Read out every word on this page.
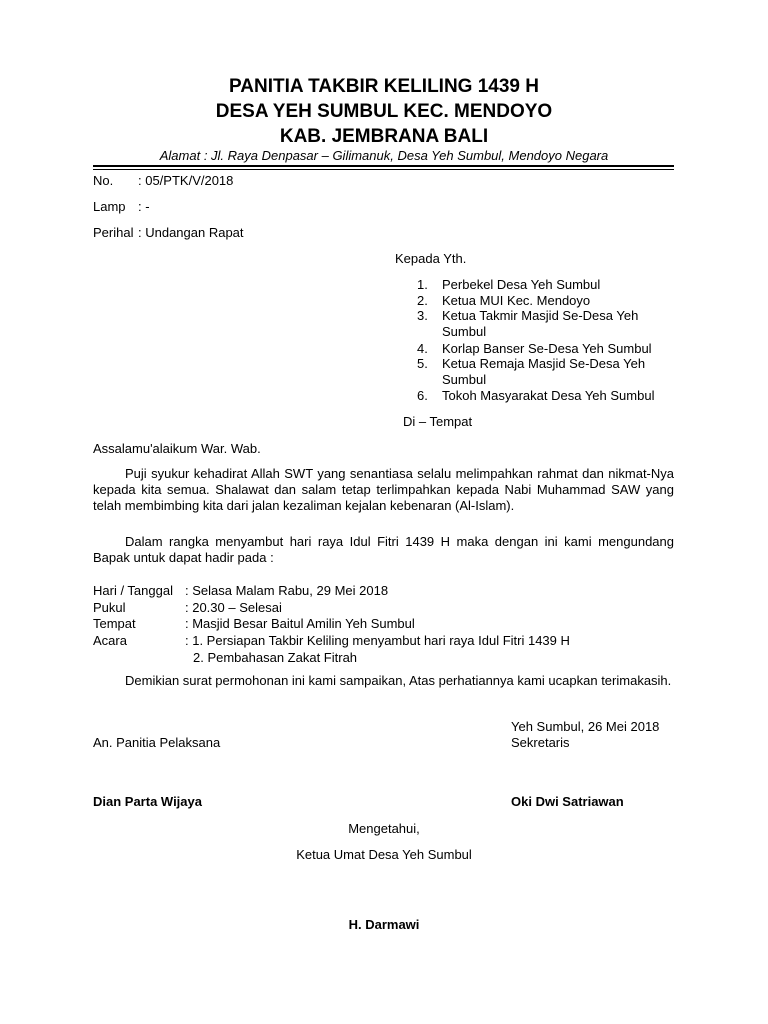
PANITIA TAKBIR KELILING 1439 H
DESA YEH SUMBUL KEC. MENDOYO
KAB. JEMBRANA BALI
Alamat : Jl. Raya Denpasar – Gilimanuk, Desa Yeh Sumbul, Mendoyo Negara
No. : 05/PTK/V/2018
Lamp : -
Perihal : Undangan Rapat
Kepada Yth.
1.	Perbekel Desa Yeh Sumbul
2.	Ketua MUI Kec. Mendoyo
3.	Ketua Takmir Masjid Se-Desa Yeh Sumbul
4.	Korlap Banser Se-Desa Yeh Sumbul
5.	Ketua Remaja Masjid Se-Desa Yeh Sumbul
6.	Tokoh Masyarakat Desa Yeh Sumbul
Di – Tempat
Assalamu'alaikum War. Wab.
Puji syukur kehadirat Allah SWT yang senantiasa selalu melimpahkan rahmat dan nikmat-Nya kepada kita semua. Shalawat dan salam tetap terlimpahkan kepada Nabi Muhammad SAW yang telah membimbing kita dari jalan kezaliman kejalan kebenaran (Al-Islam).
Dalam rangka menyambut hari raya Idul Fitri 1439 H maka dengan ini kami mengundang Bapak untuk dapat hadir pada :
Hari / Tanggal : Selasa Malam Rabu, 29 Mei 2018
Pukul	: 20.30 – Selesai
Tempat	: Masjid Besar Baitul Amilin Yeh Sumbul
Acara	: 1. Persiapan Takbir Keliling menyambut hari raya Idul Fitri 1439 H
2. Pembahasan Zakat Fitrah
Demikian surat permohonan ini kami sampaikan, Atas perhatiannya kami ucapkan terimakasih.
Yeh Sumbul, 26 Mei 2018
An. Panitia Pelaksana	Sekretaris
Dian Parta Wijaya	Oki Dwi Satriawan
Mengetahui,
Ketua Umat Desa Yeh Sumbul
H. Darmawi
